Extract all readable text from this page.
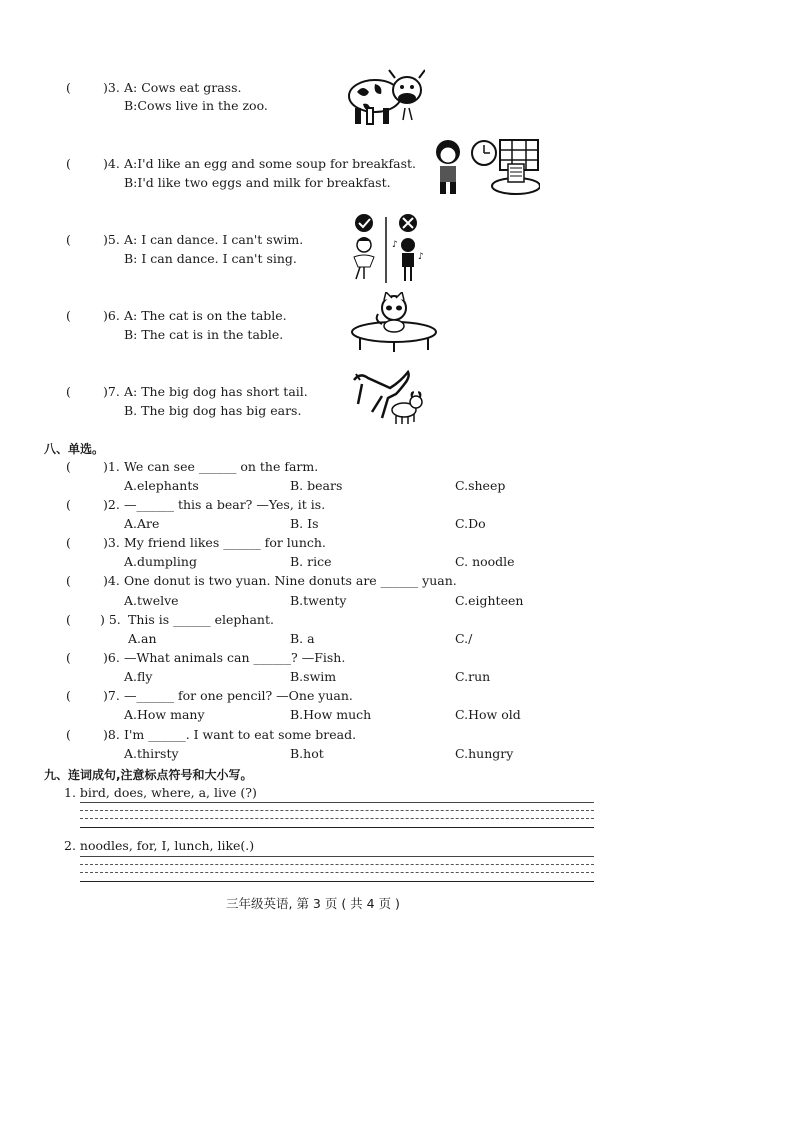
(	)3. A: Cows eat grass.
B:Cows live in the zoo.
(	)4. A:I'd like an egg and some soup for breakfast.
B:I'd like two eggs and milk for breakfast.
(	)5. A: I can dance. I can't swim.
B: I can dance. I can't sing.
♪
♪
(	)6. A: The cat is on the table.
B: The cat is in the table.
(	)7. A: The big dog has short tail.
B. The big dog has big ears.
八、单选。
(	)1. We can see ______ on the farm.
A.elephants	B. bears	C.sheep
(	)2. —______ this a bear? —Yes, it is.
A.Are	B. Is	C.Do
(	)3. My friend likes ______ for lunch.
A.dumpling	B. rice	C. noodle
(	)4. One donut is two yuan. Nine donuts are ______ yuan.
A.twelve	B.twenty	C.eighteen
( ) 5. This is ______ elephant.
A.an	B. a	C./
(	)6. —What animals can ______? —Fish.
A.fly	B.swim	C.run
(	)7. —______ for one pencil? —One yuan.
A.How many	B.How much	C.How old
(	)8. I'm ______. I want to eat some bread.
A.thirsty	B.hot	C.hungry
九、连词成句,注意标点符号和大小写。
1. bird, does, where, a, live (?)
2. noodles, for, I, lunch, like(.)
三年级英语, 第 3 页 ( 共 4 页 )
